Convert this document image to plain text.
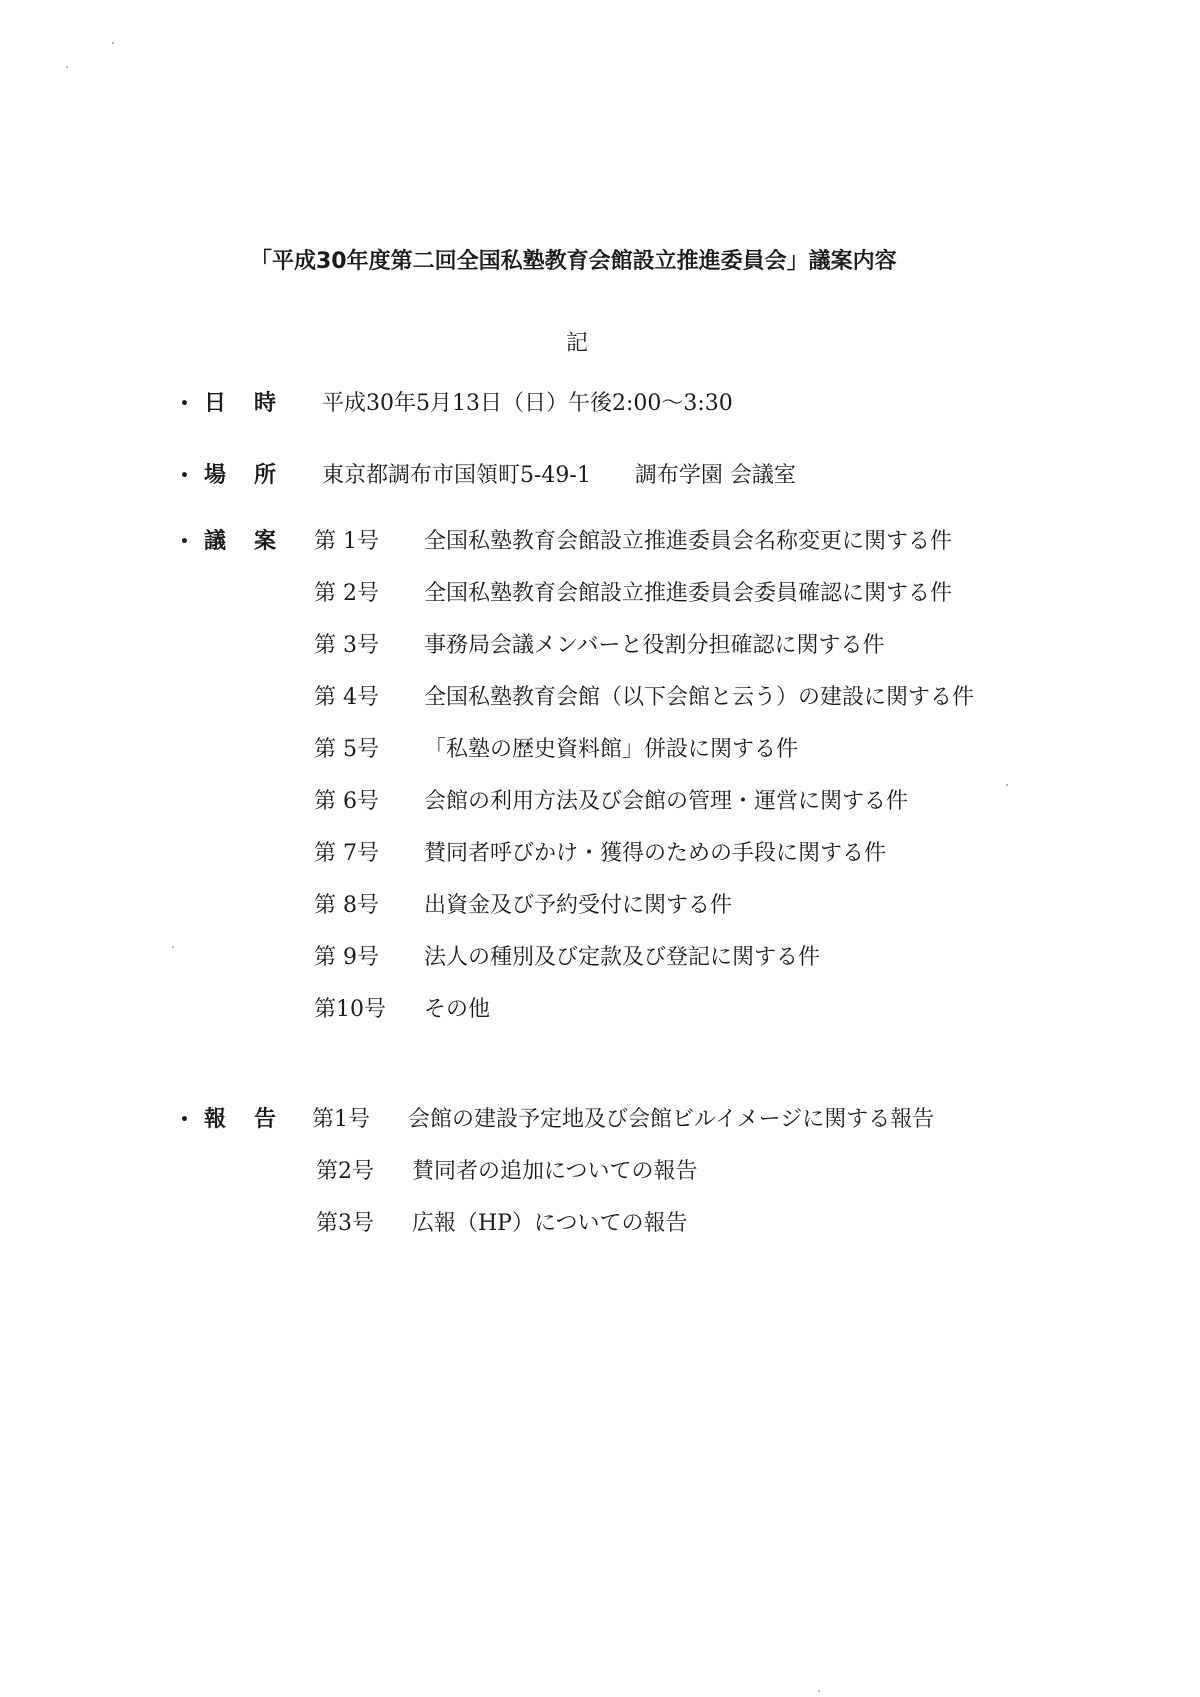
「平成30年度第二回全国私塾教育会館設立推進委員会」議案内容
記
• 日時 平成30年5月13日（日）午後2:00〜3:30
• 場所 東京都調布市国領町5-49-1　　調布学園 会議室
• 議案 第 1号 全国私塾教育会館設立推進委員会名称変更に関する件
第 2号 全国私塾教育会館設立推進委員会委員確認に関する件
第 3号 事務局会議メンバーと役割分担確認に関する件
第 4号 全国私塾教育会館（以下会館と云う）の建設に関する件
第 5号 「私塾の歴史資料館」併設に関する件
第 6号 会館の利用方法及び会館の管理・運営に関する件
第 7号 賛同者呼びかけ・獲得のための手段に関する件
第 8号 出資金及び予約受付に関する件
第 9号 法人の種別及び定款及び登記に関する件
第10号 その他
• 報告 第1号 会館の建設予定地及び会館ビルイメージに関する報告
第2号 賛同者の追加についての報告
第3号 広報（HP）についての報告
